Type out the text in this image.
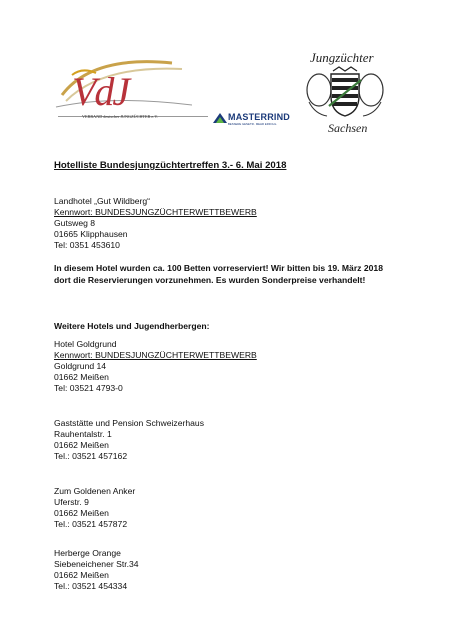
VdJ
VERBAND deutscher JUNGZÜCHTER e.V.	MASTERRIND
BESSERE GENETIK. MEHR ERFOLG.
Jungzüchter
Sachsen
Hotelliste Bundesjungzüchtertreffen 3.- 6. Mai 2018
Landhotel „Gut Wildberg“
Kennwort: BUNDESJUNGZÜCHTERWETTBEWERB
Gutsweg 8
01665 Klipphausen
Tel: 0351 453610
In diesem Hotel wurden ca. 100 Betten vorreserviert! Wir bitten bis 19. März 2018 dort die Reservierungen vorzunehmen. Es wurden Sonderpreise verhandelt!
Weitere Hotels und Jugendherbergen:
Hotel Goldgrund
Kennwort: BUNDESJUNGZÜCHTERWETTBEWERB
Goldgrund 14
01662 Meißen
Tel: 03521 4793-0
Gaststätte und Pension Schweizerhaus
Rauhentalstr. 1
01662 Meißen
Tel.: 03521 457162
Zum Goldenen Anker
Uferstr. 9
01662 Meißen
Tel.: 03521 457872
Herberge Orange
Siebeneichener Str.34
01662 Meißen
Tel.: 03521 454334
